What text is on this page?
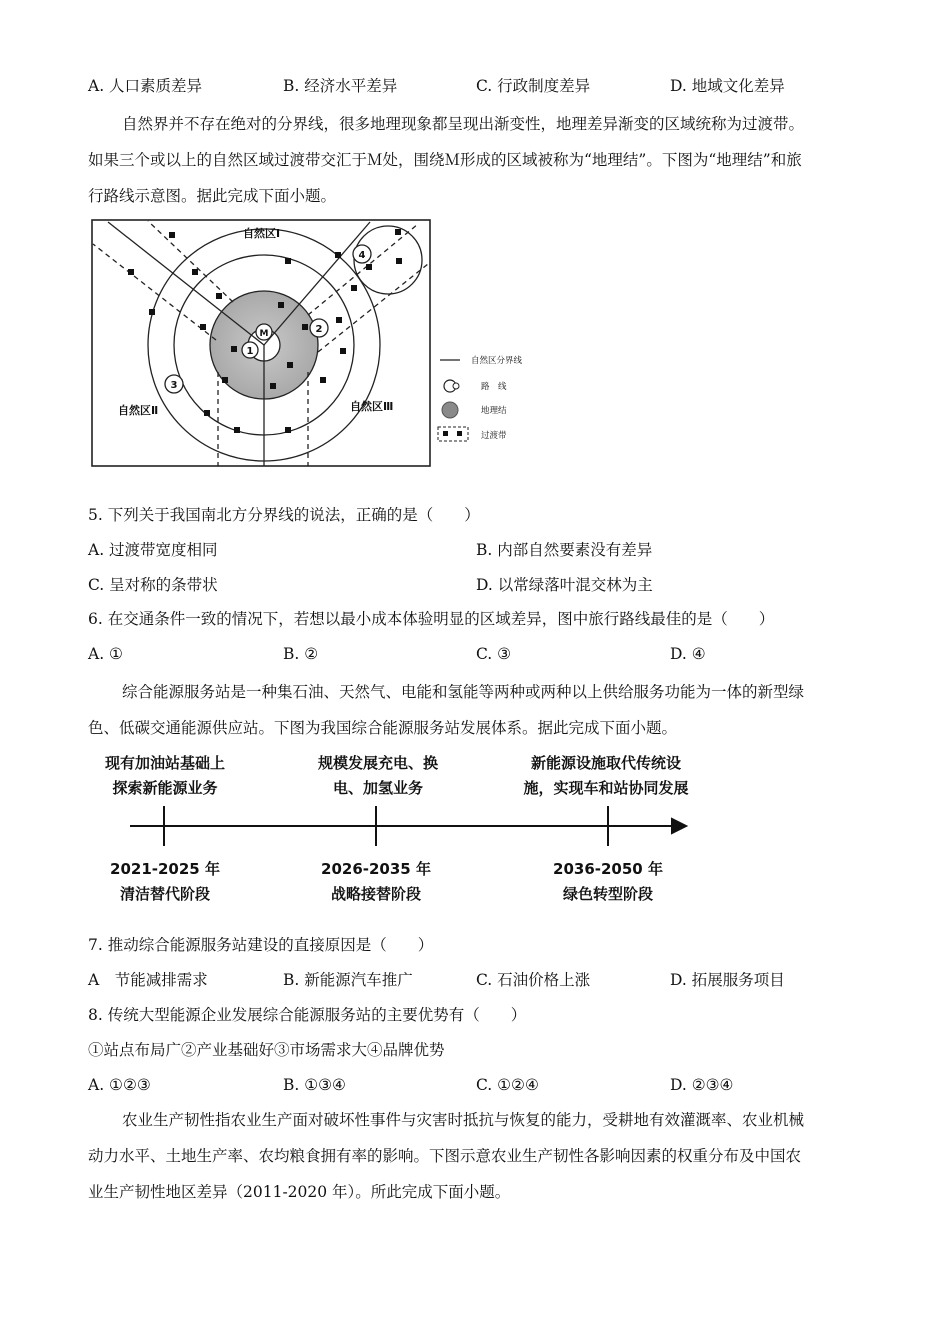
A. 人口素质差异	B. 经济水平差异	C. 行政制度差异	D. 地域文化差异

自然界并不存在绝对的分界线，很多地理现象都呈现出渐变性，地理差异渐变的区域统称为过渡带。

如果三个或以上的自然区域过渡带交汇于Ｍ处，围绕Ｍ形成的区域被称为“地理结”。下图为“地理结”和旅

行路线示意图。据此完成下面小题。

1
2
3
4
M
自然区Ⅰ
自然区Ⅱ	自然区Ⅲ
自然区分界线
路　线
地理结
过渡带
5. 下列关于我国南北方分界线的说法，正确的是（　　）
A. 过渡带宽度相同	B. 内部自然要素没有差异
C. 呈对称的条带状	D. 以常绿落叶混交林为主
6. 在交通条件一致的情况下，若想以最小成本体验明显的区域差异，图中旅行路线最佳的是（　　）
A. ①	B. ②	C. ③	D. ④

综合能源服务站是一种集石油、天然气、电能和氢能等两种或两种以上供给服务功能为一体的新型绿

色、低碳交通能源供应站。下图为我国综合能源服务站发展体系。据此完成下面小题。

现有加油站基础上
探索新能源业务
2021-2025 年
清洁替代阶段
规模发展充电、换
电、加氢业务
2026-2035 年
战略接替阶段
新能源设施取代传统设
施，实现车和站协同发展
2036-2050 年
绿色转型阶段
7. 推动综合能源服务站建设的直接原因是（　　）
A　节能减排需求	B. 新能源汽车推广	C. 石油价格上涨	D. 拓展服务项目
8. 传统大型能源企业发展综合能源服务站的主要优势有（　　）
①站点布局广②产业基础好③市场需求大④品牌优势
A. ①②③	B. ①③④	C. ①②④	D. ②③④

农业生产韧性指农业生产面对破坏性事件与灾害时抵抗与恢复的能力，受耕地有效灌溉率、农业机械

动力水平、土地生产率、农均粮食拥有率的影响。下图示意农业生产韧性各影响因素的权重分布及中国农

业生产韧性地区差异（2011-2020 年）。所此完成下面小题。
